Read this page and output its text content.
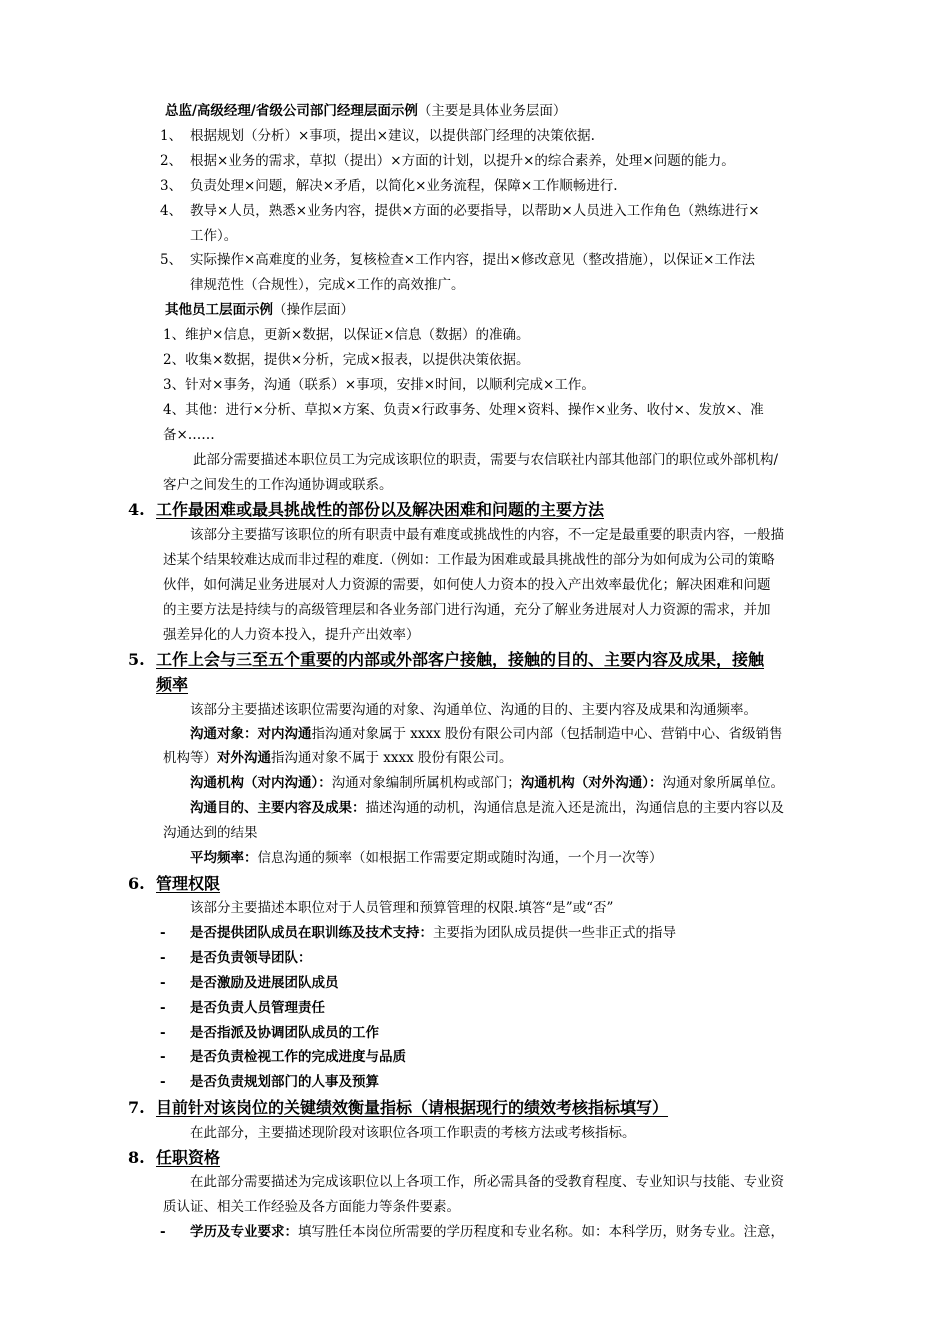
总监/高级经理/省级公司部门经理层面示例（主要是具体业务层面）
1、 根据规划（分析）×事项，提出×建议，以提供部门经理的决策依据.
2、 根据×业务的需求，草拟（提出）×方面的计划，以提升×的综合素养，处理×问题的能力。
3、 负责处理×问题，解决×矛盾，以简化×业务流程，保障×工作顺畅进行.
4、 教导×人员，熟悉×业务内容，提供×方面的必要指导，以帮助×人员进入工作角色（熟练进行×
工作）。
5、 实际操作×高难度的业务，复核检查×工作内容，提出×修改意见（整改措施），以保证×工作法
律规范性（合规性），完成×工作的高效推广。
其他员工层面示例（操作层面）
1、维护×信息，更新×数据，以保证×信息（数据）的准确。
2、收集×数据，提供×分析，完成×报表，以提供决策依据。
3、针对×事务，沟通（联系）×事项，安排×时间，以顺利完成×工作。
4、其他：进行×分析、草拟×方案、负责×行政事务、处理×资料、操作×业务、收付×、发放×、准
备×……
此部分需要描述本职位员工为完成该职位的职责，需要与农信联社内部其他部门的职位或外部机构/
客户之间发生的工作沟通协调或联系。
4. 工作最困难或最具挑战性的部份以及解决困难和问题的主要方法
该部分主要描写该职位的所有职责中最有难度或挑战性的内容，不一定是最重要的职责内容，一般描
述某个结果较难达成而非过程的难度.（例如：工作最为困难或最具挑战性的部分为如何成为公司的策略
伙伴，如何满足业务进展对人力资源的需要，如何使人力资本的投入产出效率最优化；解决困难和问题
的主要方法是持续与的高级管理层和各业务部门进行沟通，充分了解业务进展对人力资源的需求，并加
强差异化的人力资本投入，提升产出效率）
5. 工作上会与三至五个重要的内部或外部客户接触，接触的目的、主要内容及成果，接触
频率
该部分主要描述该职位需要沟通的对象、沟通单位、沟通的目的、主要内容及成果和沟通频率。
沟通对象：对内沟通指沟通对象属于 xxxx 股份有限公司内部（包括制造中心、营销中心、省级销售
机构等）对外沟通指沟通对象不属于 xxxx 股份有限公司。
沟通机构（对内沟通）：沟通对象编制所属机构或部门；沟通机构（对外沟通）：沟通对象所属单位。
沟通目的、主要内容及成果：描述沟通的动机，沟通信息是流入还是流出，沟通信息的主要内容以及
沟通达到的结果
平均频率：信息沟通的频率（如根据工作需要定期或随时沟通，一个月一次等）
6. 管理权限
该部分主要描述本职位对于人员管理和预算管理的权限.填答“是”或“否”
- 是否提供团队成员在职训练及技术支持：主要指为团队成员提供一些非正式的指导
- 是否负责领导团队：
- 是否激励及进展团队成员
- 是否负责人员管理责任
- 是否指派及协调团队成员的工作
- 是否负责检视工作的完成进度与品质
- 是否负责规划部门的人事及预算
7. 目前针对该岗位的关键绩效衡量指标（请根据现行的绩效考核指标填写）
在此部分，主要描述现阶段对该职位各项工作职责的考核方法或考核指标。
8. 任职资格
在此部分需要描述为完成该职位以上各项工作，所必需具备的受教育程度、专业知识与技能、专业资
质认证、相关工作经验及各方面能力等条件要素。
- 学历及专业要求：填写胜任本岗位所需要的学历程度和专业名称。如：本科学历，财务专业。注意，
